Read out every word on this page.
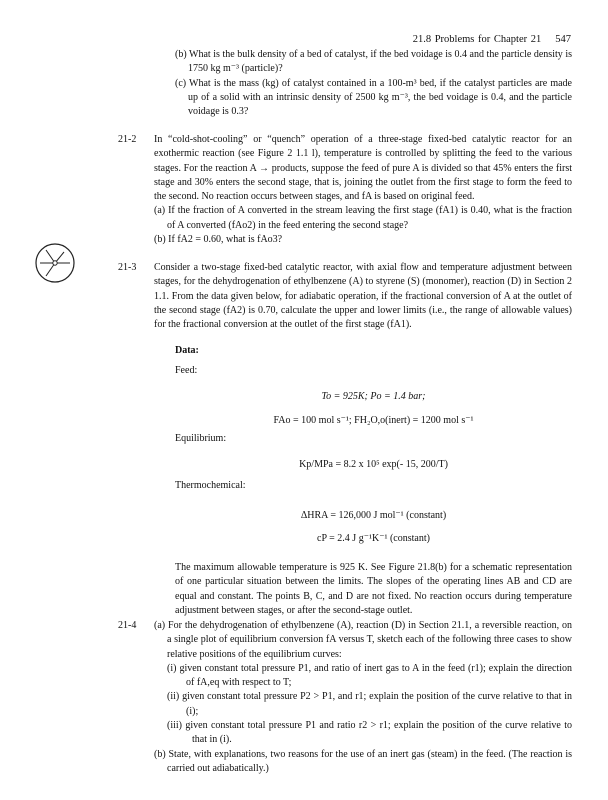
21.8 Problems for Chapter 21 547

(b) What is the bulk density of a bed of catalyst, if the bed voidage is 0.4 and the particle density is 1750 kg m⁻³ (particle)?

(c) What is the mass (kg) of catalyst contained in a 100-m³ bed, if the catalyst particles are made up of a solid with an intrinsic density of 2500 kg m⁻³, the bed voidage is 0.4, and the particle voidage is 0.3?

21-2 In “cold-shot-cooling” or “quench” operation of a three-stage fixed-bed catalytic reactor for an exothermic reaction (see Figure 2 1.1 l), temperature is controlled by splitting the feed to the various stages. For the reaction A → products, suppose the feed of pure A is divided so that 45% enters the first stage and 30% enters the second stage, that is, joining the outlet from the first stage to form the feed to the second. No reaction occurs between stages, and fA is based on original feed.

(a) If the fraction of A converted in the stream leaving the first stage (fA1) is 0.40, what is the fraction of A converted (fAo2) in the feed entering the second stage?

(b) If fA2 = 0.60, what is fAo3?

21-3 Consider a two-stage fixed-bed catalytic reactor, with axial flow and temperature adjustment between stages, for the dehydrogenation of ethylbenzene (A) to styrene (S) (monomer), reaction (D) in Section 2 1.1. From the data given below, for adiabatic operation, if the fractional conversion of A at the outlet of the second stage (fA2) is 0.70, calculate the upper and lower limits (i.e., the range of allowable values) for the fractional conversion at the outlet of the first stage (fA1).

Data:
Feed:
To = 925K; Po = 1.4 bar;
FAo = 100 mol s⁻¹; FH₂O,o(inert) = 1200 mol s⁻¹
Equilibrium:
Kp/MPa = 8.2 x 10⁵ exp(- 15, 200/T)
Thermochemical:
ΔHRA = 126,000 J mol⁻¹ (constant)
cP = 2.4 J g⁻¹K⁻¹ (constant)

The maximum allowable temperature is 925 K. See Figure 21.8(b) for a schematic representation of one particular situation between the limits. The slopes of the operating lines AB and CD are equal and constant. The points B, C, and D are not fixed. No reaction occurs during temperature adjustment between stages, or after the second-stage outlet.

21-4 (a) For the dehydrogenation of ethylbenzene (A), reaction (D) in Section 21.1, a reversible reaction, on a single plot of equilibrium conversion fA versus T, sketch each of the following three cases to show relative positions of the equilibrium curves:

(i) given constant total pressure P1, and ratio of inert gas to A in the feed (r1); explain the direction of fA,eq with respect to T;

(ii) given constant total pressure P2 > P1, and r1; explain the position of the curve relative to that in (i);

(iii) given constant total pressure P1 and ratio r2 > r1; explain the position of the curve relative to that in (i).

(b) State, with explanations, two reasons for the use of an inert gas (steam) in the feed. (The reaction is carried out adiabatically.)
